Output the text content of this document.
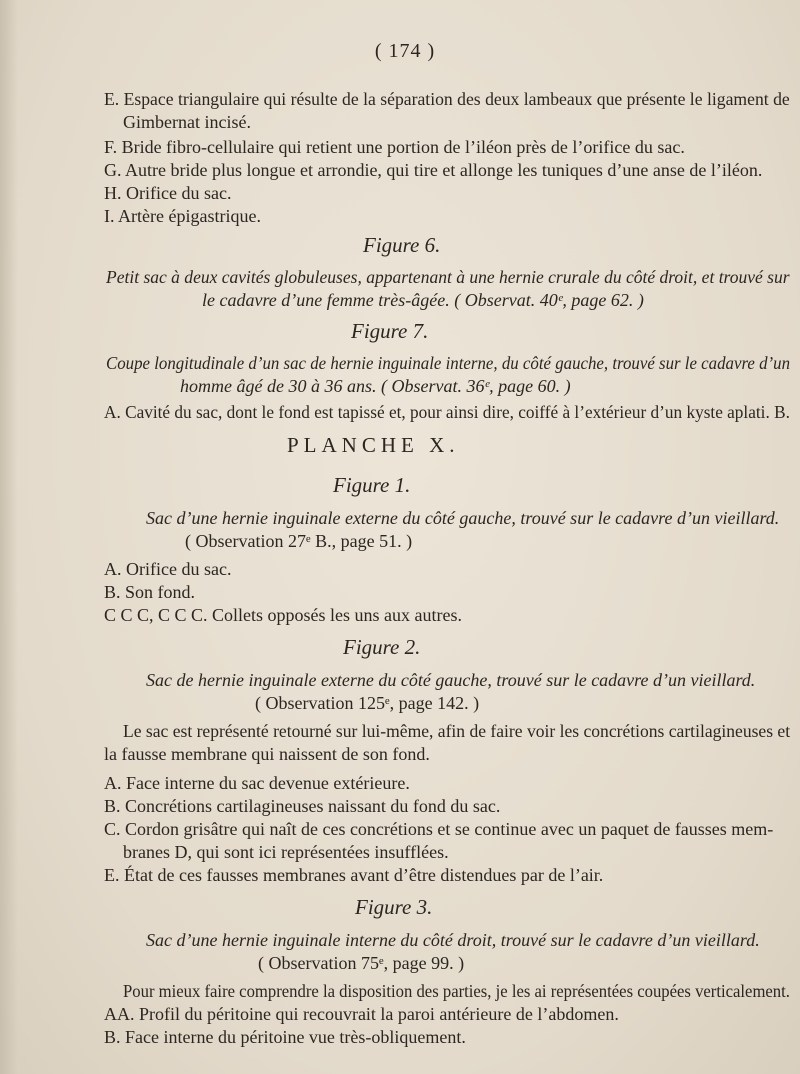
( 174 )
E. Espace triangulaire qui résulte de la séparation des deux lambeaux que présente le ligament de
Gimbernat incisé.
F. Bride fibro-cellulaire qui retient une portion de l’iléon près de l’orifice du sac.
G. Autre bride plus longue et arrondie, qui tire et allonge les tuniques d’une anse de l’iléon.
H. Orifice du sac.
I. Artère épigastrique.
Figure 6.
Petit sac à deux cavités globuleuses, appartenant à une hernie crurale du côté droit, et trouvé sur
le cadavre d’une femme très-âgée. ( Observat. 40ᵉ, page 62. )
Figure 7.
Coupe longitudinale d’un sac de hernie inguinale interne, du côté gauche, trouvé sur le cadavre d’un
homme âgé de 30 à 36 ans. ( Observat. 36ᵉ, page 60. )
A. Cavité du sac, dont le fond est tapissé et, pour ainsi dire, coiffé à l’extérieur d’un kyste aplati. B.
PLANCHE X.
Figure 1.
Sac d’une hernie inguinale externe du côté gauche, trouvé sur le cadavre d’un vieillard.
( Observation 27ᵉ B., page 51. )
A. Orifice du sac.
B. Son fond.
C C C, C C C. Collets opposés les uns aux autres.
Figure 2.
Sac de hernie inguinale externe du côté gauche, trouvé sur le cadavre d’un vieillard.
( Observation 125ᵉ, page 142. )
Le sac est représenté retourné sur lui-même, afin de faire voir les concrétions cartilagineuses et
la fausse membrane qui naissent de son fond.
A. Face interne du sac devenue extérieure.
B. Concrétions cartilagineuses naissant du fond du sac.
C. Cordon grisâtre qui naît de ces concrétions et se continue avec un paquet de fausses mem-
branes D, qui sont ici représentées insufflées.
E. État de ces fausses membranes avant d’être distendues par de l’air.
Figure 3.
Sac d’une hernie inguinale interne du côté droit, trouvé sur le cadavre d’un vieillard.
( Observation 75ᵉ, page 99. )
Pour mieux faire comprendre la disposition des parties, je les ai représentées coupées verticalement.
AA. Profil du péritoine qui recouvrait la paroi antérieure de l’abdomen.
B. Face interne du péritoine vue très-obliquement.
